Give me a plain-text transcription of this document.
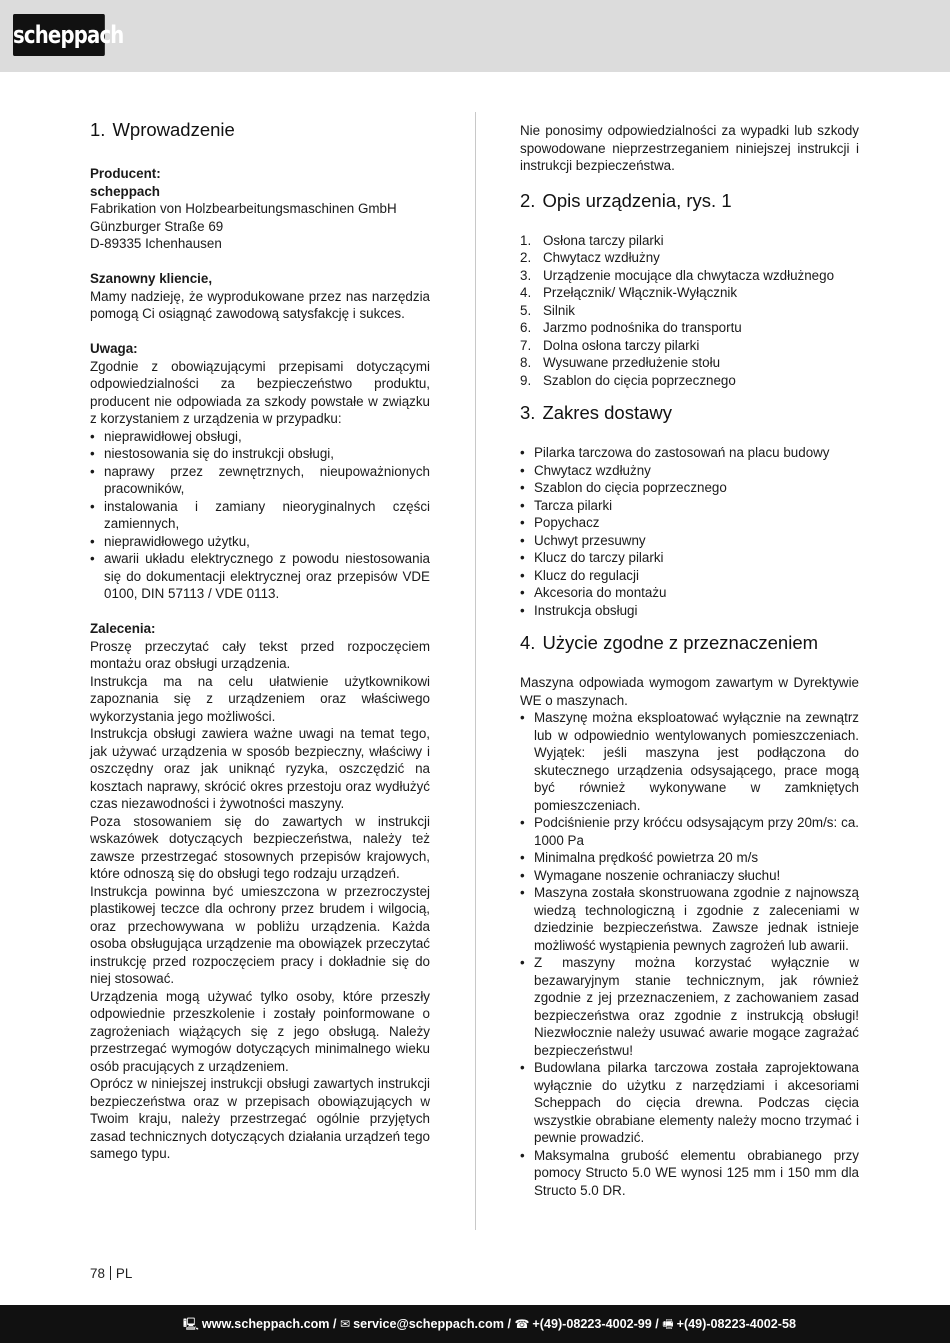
scheppach
1. Wprowadzenie

Producent:

scheppach

Fabrikation von Holzbearbeitungsmaschinen GmbH

Günzburger Straße 69

D-89335 Ichenhausen

Szanowny kliencie,

Mamy nadzieję, że wyprodukowane przez nas narzędzia pomogą Ci osiągnąć zawodową satysfakcję i sukces.

Uwaga:

Zgodnie z obowiązującymi przepisami dotyczącymi odpowiedzialności za bezpieczeństwo produktu, producent nie odpowiada za szkody powstałe w związku z korzystaniem z urządzenia w przypadku:

• nieprawidłowej obsługi,
• niestosowania się do instrukcji obsługi,
• naprawy przez zewnętrznych, nieupoważnionych pracowników,
• instalowania i zamiany nieoryginalnych części zamiennych,
• nieprawidłowego użytku,
• awarii układu elektrycznego z powodu niestosowania się do dokumentacji elektrycznej oraz przepisów VDE 0100, DIN 57113 / VDE 0113.

Zalecenia:

Proszę przeczytać cały tekst przed rozpoczęciem montażu oraz obsługi urządzenia.

Instrukcja ma na celu ułatwienie użytkownikowi zapoznania się z urządzeniem oraz właściwego wykorzystania jego możliwości.

Instrukcja obsługi zawiera ważne uwagi na temat tego, jak używać urządzenia w sposób bezpieczny, właściwy i oszczędny oraz jak uniknąć ryzyka, oszczędzić na kosztach naprawy, skrócić okres przestoju oraz wydłużyć czas niezawodności i żywotności maszyny.

Poza stosowaniem się do zawartych w instrukcji wskazówek dotyczących bezpieczeństwa, należy też zawsze przestrzegać stosownych przepisów krajowych, które odnoszą się do obsługi tego rodzaju urządzeń.

Instrukcja powinna być umieszczona w przezroczystej plastikowej teczce dla ochrony przez brudem i wilgocią, oraz przechowywana w pobliżu urządzenia. Każda osoba obsługująca urządzenie ma obowiązek przeczytać instrukcję przed rozpoczęciem pracy i dokładnie się do niej stosować.

Urządzenia mogą używać tylko osoby, które przeszły odpowiednie przeszkolenie i zostały poinformowane o zagrożeniach wiążących się z jego obsługą. Należy przestrzegać wymogów dotyczących minimalnego wieku osób pracujących z urządzeniem.

Oprócz w niniejszej instrukcji obsługi zawartych instrukcji bezpieczeństwa oraz w przepisach obowiązujących w Twoim kraju, należy przestrzegać ogólnie przyjętych zasad technicznych dotyczących działania urządzeń tego samego typu.

Nie ponosimy odpowiedzialności za wypadki lub szkody spowodowane nieprzestrzeganiem niniejszej instrukcji i instrukcji bezpieczeństwa.

2. Opis urządzenia, rys. 1
1. Osłona tarczy pilarki
2. Chwytacz wzdłużny
3. Urządzenie mocujące dla chwytacza wzdłużnego
4. Przełącznik/ Włącznik-Wyłącznik
5. Silnik
6. Jarzmo podnośnika do transportu
7. Dolna osłona tarczy pilarki
8. Wysuwane przedłużenie stołu
9. Szablon do cięcia poprzecznego
3. Zakres dostawy
• Pilarka tarczowa do zastosowań na placu budowy
• Chwytacz wzdłużny
• Szablon do cięcia poprzecznego
• Tarcza pilarki
• Popychacz
• Uchwyt przesuwny
• Klucz do tarczy pilarki
• Klucz do regulacji
• Akcesoria do montażu
• Instrukcja obsługi
4. Użycie zgodne z przeznaczeniem

Maszyna odpowiada wymogom zawartym w Dyrektywie WE o maszynach.

• Maszynę można eksploatować wyłącznie na zewnątrz lub w odpowiednio wentylowanych pomieszczeniach. Wyjątek: jeśli maszyna jest podłączona do skutecznego urządzenia odsysającego, prace mogą być również wykonywane w zamkniętych pomieszczeniach.
• Podciśnienie przy króćcu odsysającym przy 20m/s: ca. 1000 Pa
• Minimalna prędkość powietrza 20 m/s
• Wymagane noszenie ochraniaczy słuchu!
• Maszyna została skonstruowana zgodnie z najnowszą wiedzą technologiczną i zgodnie z zaleceniami w dziedzinie bezpieczeństwa. Zawsze jednak istnieje możliwość wystąpienia pewnych zagrożeń lub awarii.
• Z maszyny można korzystać wyłącznie w bezawaryjnym stanie technicznym, jak również zgodnie z jej przeznaczeniem, z zachowaniem zasad bezpieczeństwa oraz zgodnie z instrukcją obsługi! Niezwłocznie należy usuwać awarie mogące zagrażać bezpieczeństwu!
• Budowlana pilarka tarczowa została zaprojektowana wyłącznie do użytku z narzędziami i akcesoriami Scheppach do cięcia drewna. Podczas cięcia wszystkie obrabiane elementy należy mocno trzymać i pewnie prowadzić.
• Maksymalna grubość elementu obrabianego przy pomocy Structo 5.0 WE wynosi 125 mm i 150 mm dla Structo 5.0 DR.
78 PL
🖳 www.scheppach.com / ✉ service@scheppach.com / ☎ +(49)-08223-4002-99 / 🖷 +(49)-08223-4002-58
